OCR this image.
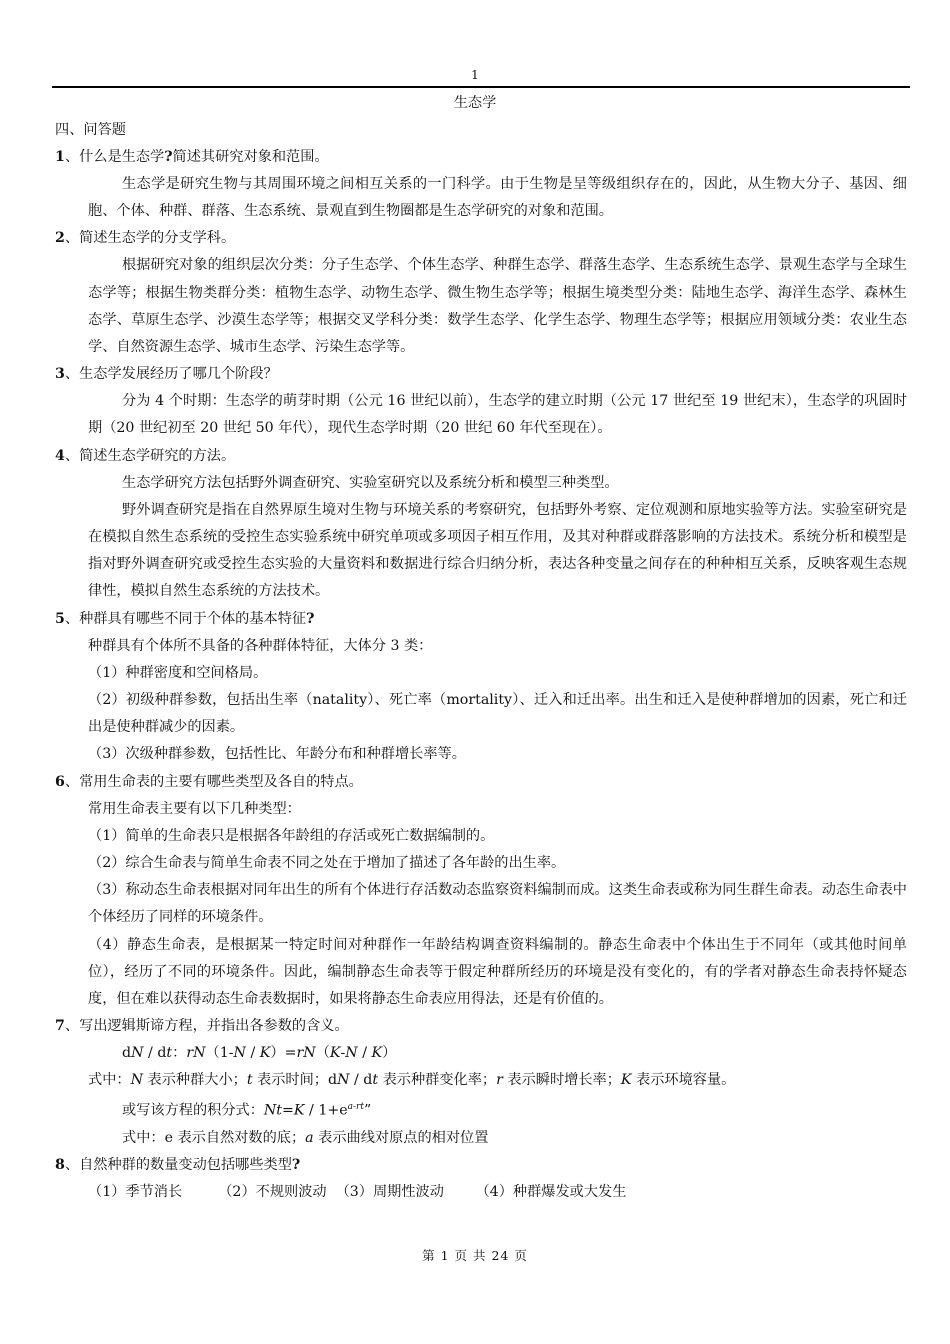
1
生态学
四、问答题
1、什么是生态学?简述其研究对象和范围。
生态学是研究生物与其周围环境之间相互关系的一门科学。由于生物是呈等级组织存在的，因此，从生物大分子、基因、细胞、个体、种群、群落、生态系统、景观直到生物圈都是生态学研究的对象和范围。
2、简述生态学的分支学科。
根据研究对象的组织层次分类：分子生态学、个体生态学、种群生态学、群落生态学、生态系统生态学、景观生态学与全球生态学等；根据生物类群分类：植物生态学、动物生态学、微生物生态学等；根据生境类型分类：陆地生态学、海洋生态学、森林生态学、草原生态学、沙漠生态学等；根据交叉学科分类：数学生态学、化学生态学、物理生态学等；根据应用领域分类：农业生态学、自然资源生态学、城市生态学、污染生态学等。
3、生态学发展经历了哪几个阶段？
分为 4 个时期：生态学的萌芽时期（公元 16 世纪以前），生态学的建立时期（公元 17 世纪至 19 世纪末），生态学的巩固时期（20 世纪初至 20 世纪 50 年代），现代生态学时期（20 世纪 60 年代至现在）。
4、简述生态学研究的方法。
生态学研究方法包括野外调查研究、实验室研究以及系统分析和模型三种类型。
野外调查研究是指在自然界原生境对生物与环境关系的考察研究，包括野外考察、定位观测和原地实验等方法。实验室研究是在模拟自然生态系统的受控生态实验系统中研究单项或多项因子相互作用，及其对种群或群落影响的方法技术。系统分析和模型是指对野外调查研究或受控生态实验的大量资料和数据进行综合归纳分析，表达各种变量之间存在的种种相互关系，反映客观生态规律性，模拟自然生态系统的方法技术。
5、种群具有哪些不同于个体的基本特征?
种群具有个体所不具备的各种群体特征，大体分 3 类：
（1）种群密度和空间格局。
（2）初级种群参数，包括出生率（natality）、死亡率（mortality）、迁入和迁出率。出生和迁入是使种群增加的因素，死亡和迁出是使种群减少的因素。
（3）次级种群参数，包括性比、年龄分布和种群增长率等。
6、常用生命表的主要有哪些类型及各自的特点。
常用生命表主要有以下几种类型：
（1）简单的生命表只是根据各年龄组的存活或死亡数据编制的。
（2）综合生命表与简单生命表不同之处在于增加了描述了各年龄的出生率。
（3）称动态生命表根据对同年出生的所有个体进行存活数动态监察资料编制而成。这类生命表或称为同生群生命表。动态生命表中个体经历了同样的环境条件。
（4）静态生命表，是根据某一特定时间对种群作一年龄结构调查资料编制的。静态生命表中个体出生于不同年（或其他时间单位），经历了不同的环境条件。因此，编制静态生命表等于假定种群所经历的环境是没有变化的，有的学者对静态生命表持怀疑态度，但在难以获得动态生命表数据时，如果将静态生命表应用得法，还是有价值的。
7、写出逻辑斯谛方程，并指出各参数的含义。
dN / dt：rN（1-N / K）=rN（K-N / K）
式中：N 表示种群大小；t 表示时间；dN / dt 表示种群变化率；r 表示瞬时增长率；K 表示环境容量。
或写该方程的积分式：$Nt=K / 1+e^{a-rt}$”
式中：e 表示自然对数的底；a 表示曲线对原点的相对位置
8、自然种群的数量变动包括哪些类型?
（1）季节消长        （2）不规则波动  （3）周期性波动       （4）种群爆发或大发生
第 1 页 共 24 页
